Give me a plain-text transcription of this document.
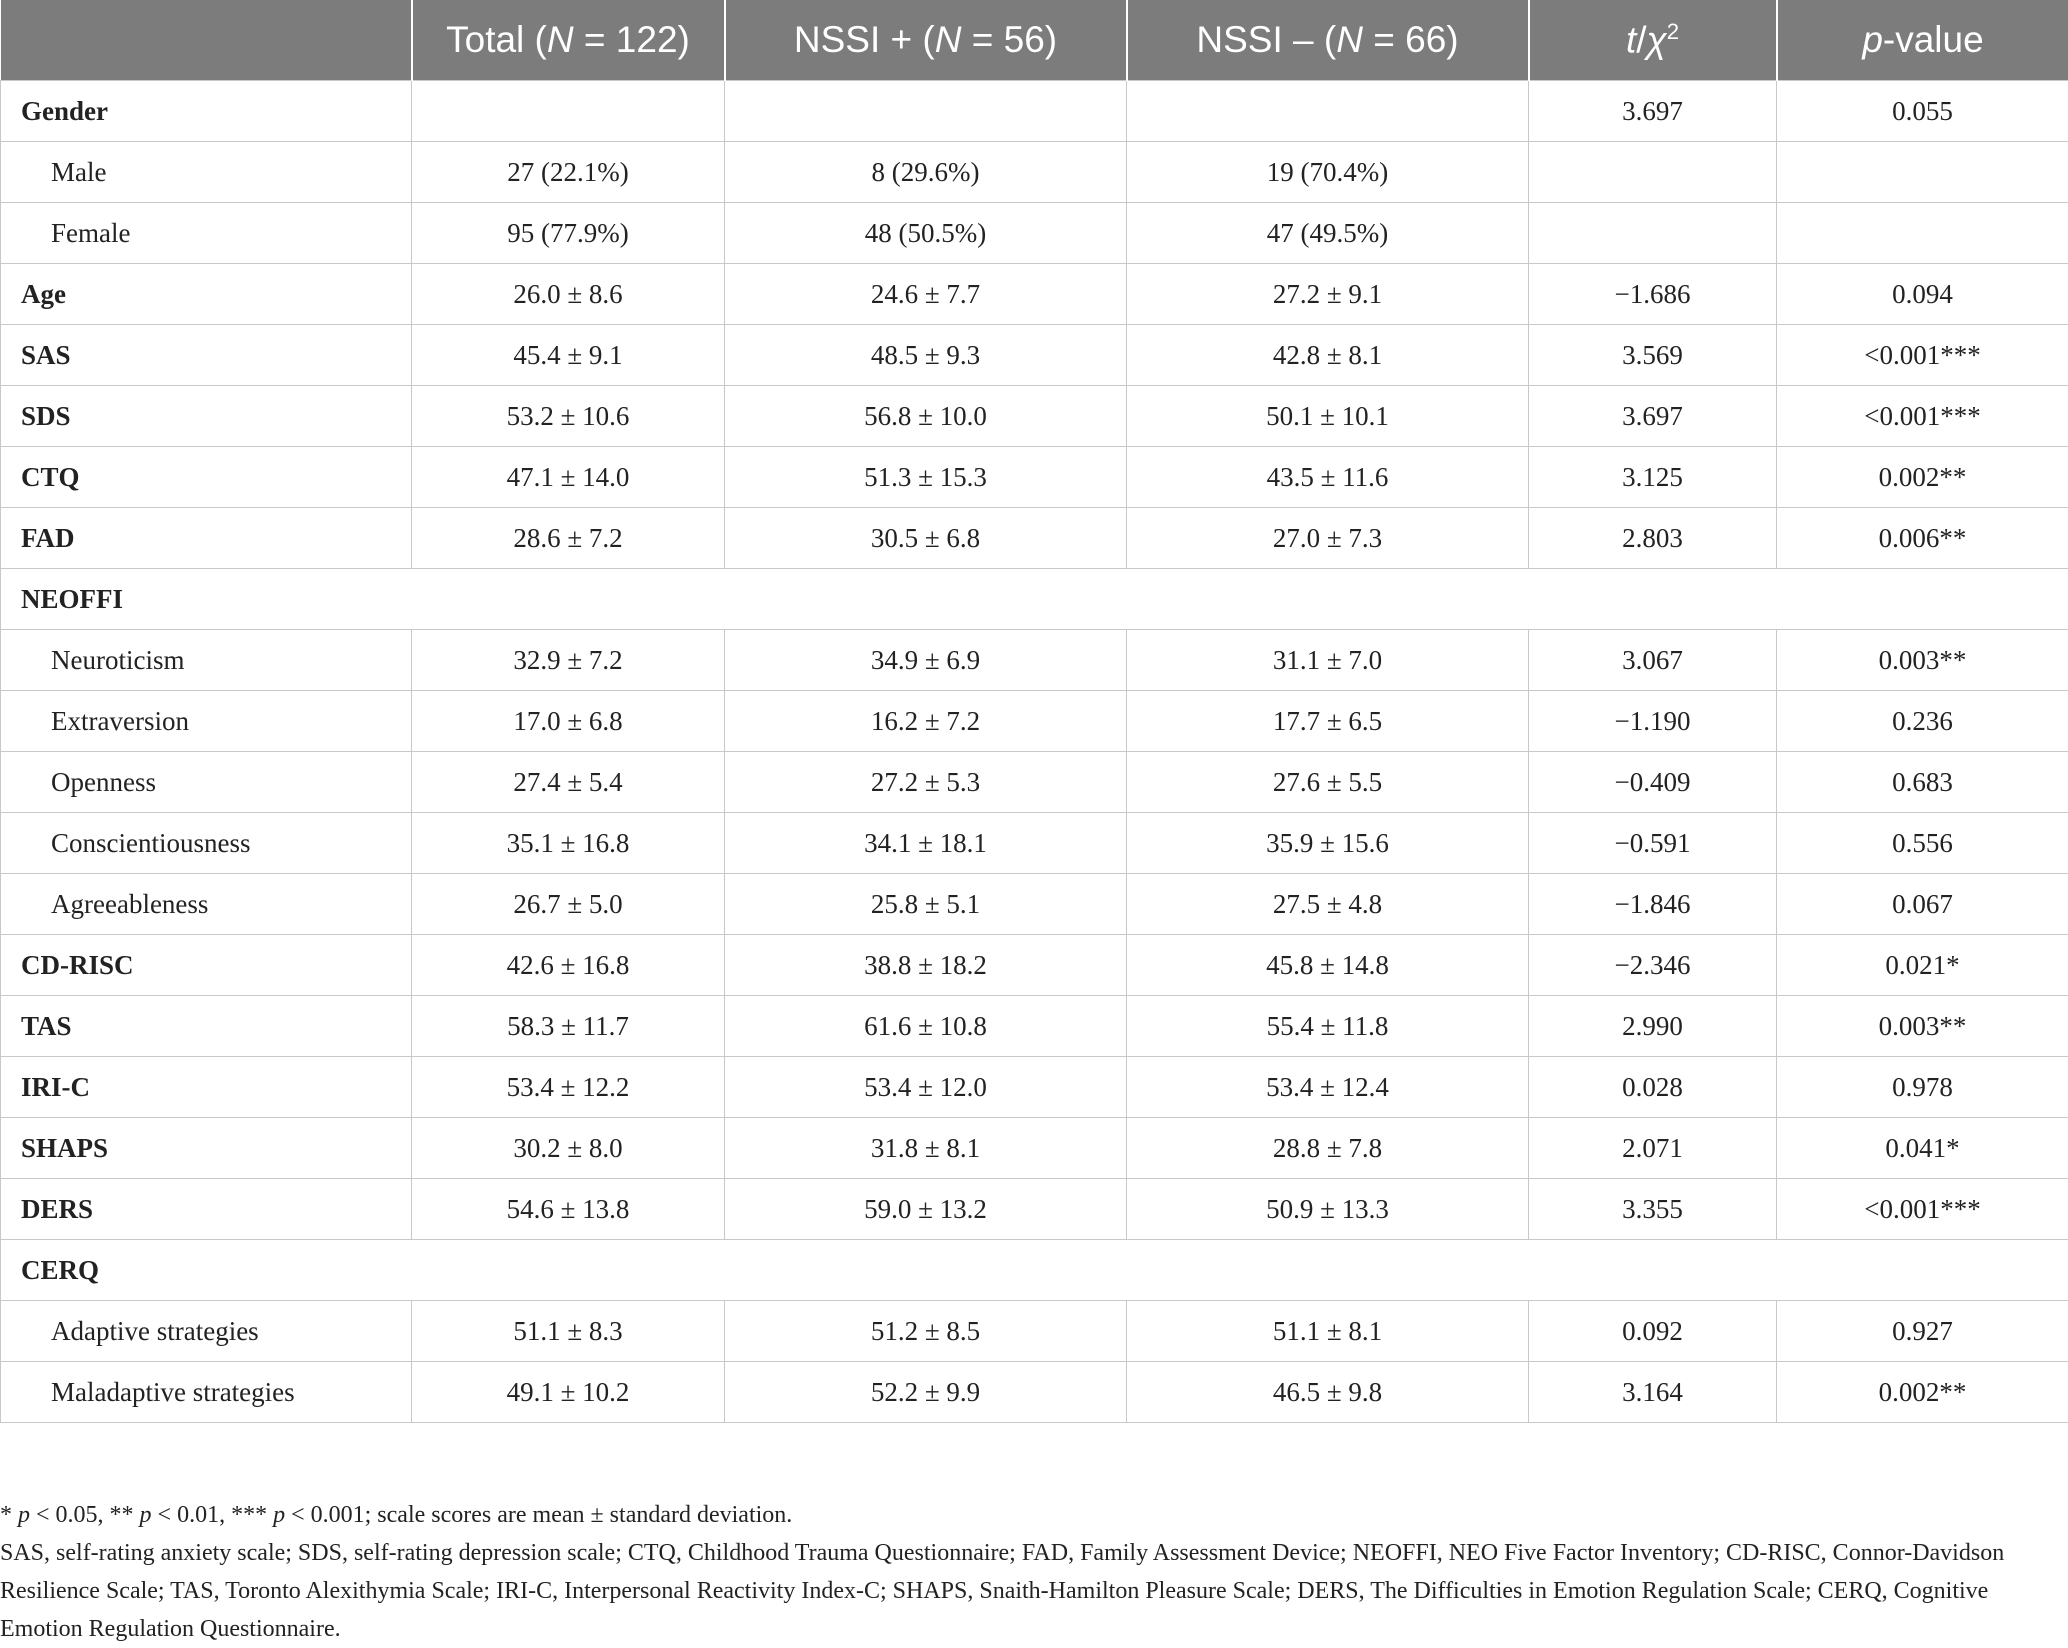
	Total (N = 122)	NSSI + (N = 56)	NSSI – (N = 66)	$t/\chi^2$	p-value
Gender				3.697	0.055
Male	27 (22.1%)	8 (29.6%)	19 (70.4%)		
Female	95 (77.9%)	48 (50.5%)	47 (49.5%)		
Age	26.0 ± 8.6	24.6 ± 7.7	27.2 ± 9.1	−1.686	0.094
SAS	45.4 ± 9.1	48.5 ± 9.3	42.8 ± 8.1	3.569	<0.001***
SDS	53.2 ± 10.6	56.8 ± 10.0	50.1 ± 10.1	3.697	<0.001***
CTQ	47.1 ± 14.0	51.3 ± 15.3	43.5 ± 11.6	3.125	0.002**
FAD	28.6 ± 7.2	30.5 ± 6.8	27.0 ± 7.3	2.803	0.006**
NEOFFI					
Neuroticism	32.9 ± 7.2	34.9 ± 6.9	31.1 ± 7.0	3.067	0.003**
Extraversion	17.0 ± 6.8	16.2 ± 7.2	17.7 ± 6.5	−1.190	0.236
Openness	27.4 ± 5.4	27.2 ± 5.3	27.6 ± 5.5	−0.409	0.683
Conscientiousness	35.1 ± 16.8	34.1 ± 18.1	35.9 ± 15.6	−0.591	0.556
Agreeableness	26.7 ± 5.0	25.8 ± 5.1	27.5 ± 4.8	−1.846	0.067
CD-RISC	42.6 ± 16.8	38.8 ± 18.2	45.8 ± 14.8	−2.346	0.021*
TAS	58.3 ± 11.7	61.6 ± 10.8	55.4 ± 11.8	2.990	0.003**
IRI-C	53.4 ± 12.2	53.4 ± 12.0	53.4 ± 12.4	0.028	0.978
SHAPS	30.2 ± 8.0	31.8 ± 8.1	28.8 ± 7.8	2.071	0.041*
DERS	54.6 ± 13.8	59.0 ± 13.2	50.9 ± 13.3	3.355	<0.001***
CERQ					
Adaptive strategies	51.1 ± 8.3	51.2 ± 8.5	51.1 ± 8.1	0.092	0.927
Maladaptive strategies	49.1 ± 10.2	52.2 ± 9.9	46.5 ± 9.8	3.164	0.002**

* p < 0.05, ** p < 0.01, *** p < 0.001; scale scores are mean ± standard deviation.

SAS, self-rating anxiety scale; SDS, self-rating depression scale; CTQ, Childhood Trauma Questionnaire; FAD, Family Assessment Device; NEOFFI, NEO Five Factor Inventory; CD-RISC, Connor-Davidson Resilience Scale; TAS, Toronto Alexithymia Scale; IRI-C, Interpersonal Reactivity Index-C; SHAPS, Snaith-Hamilton Pleasure Scale; DERS, The Difficulties in Emotion Regulation Scale; CERQ, Cognitive Emotion Regulation Questionnaire.
